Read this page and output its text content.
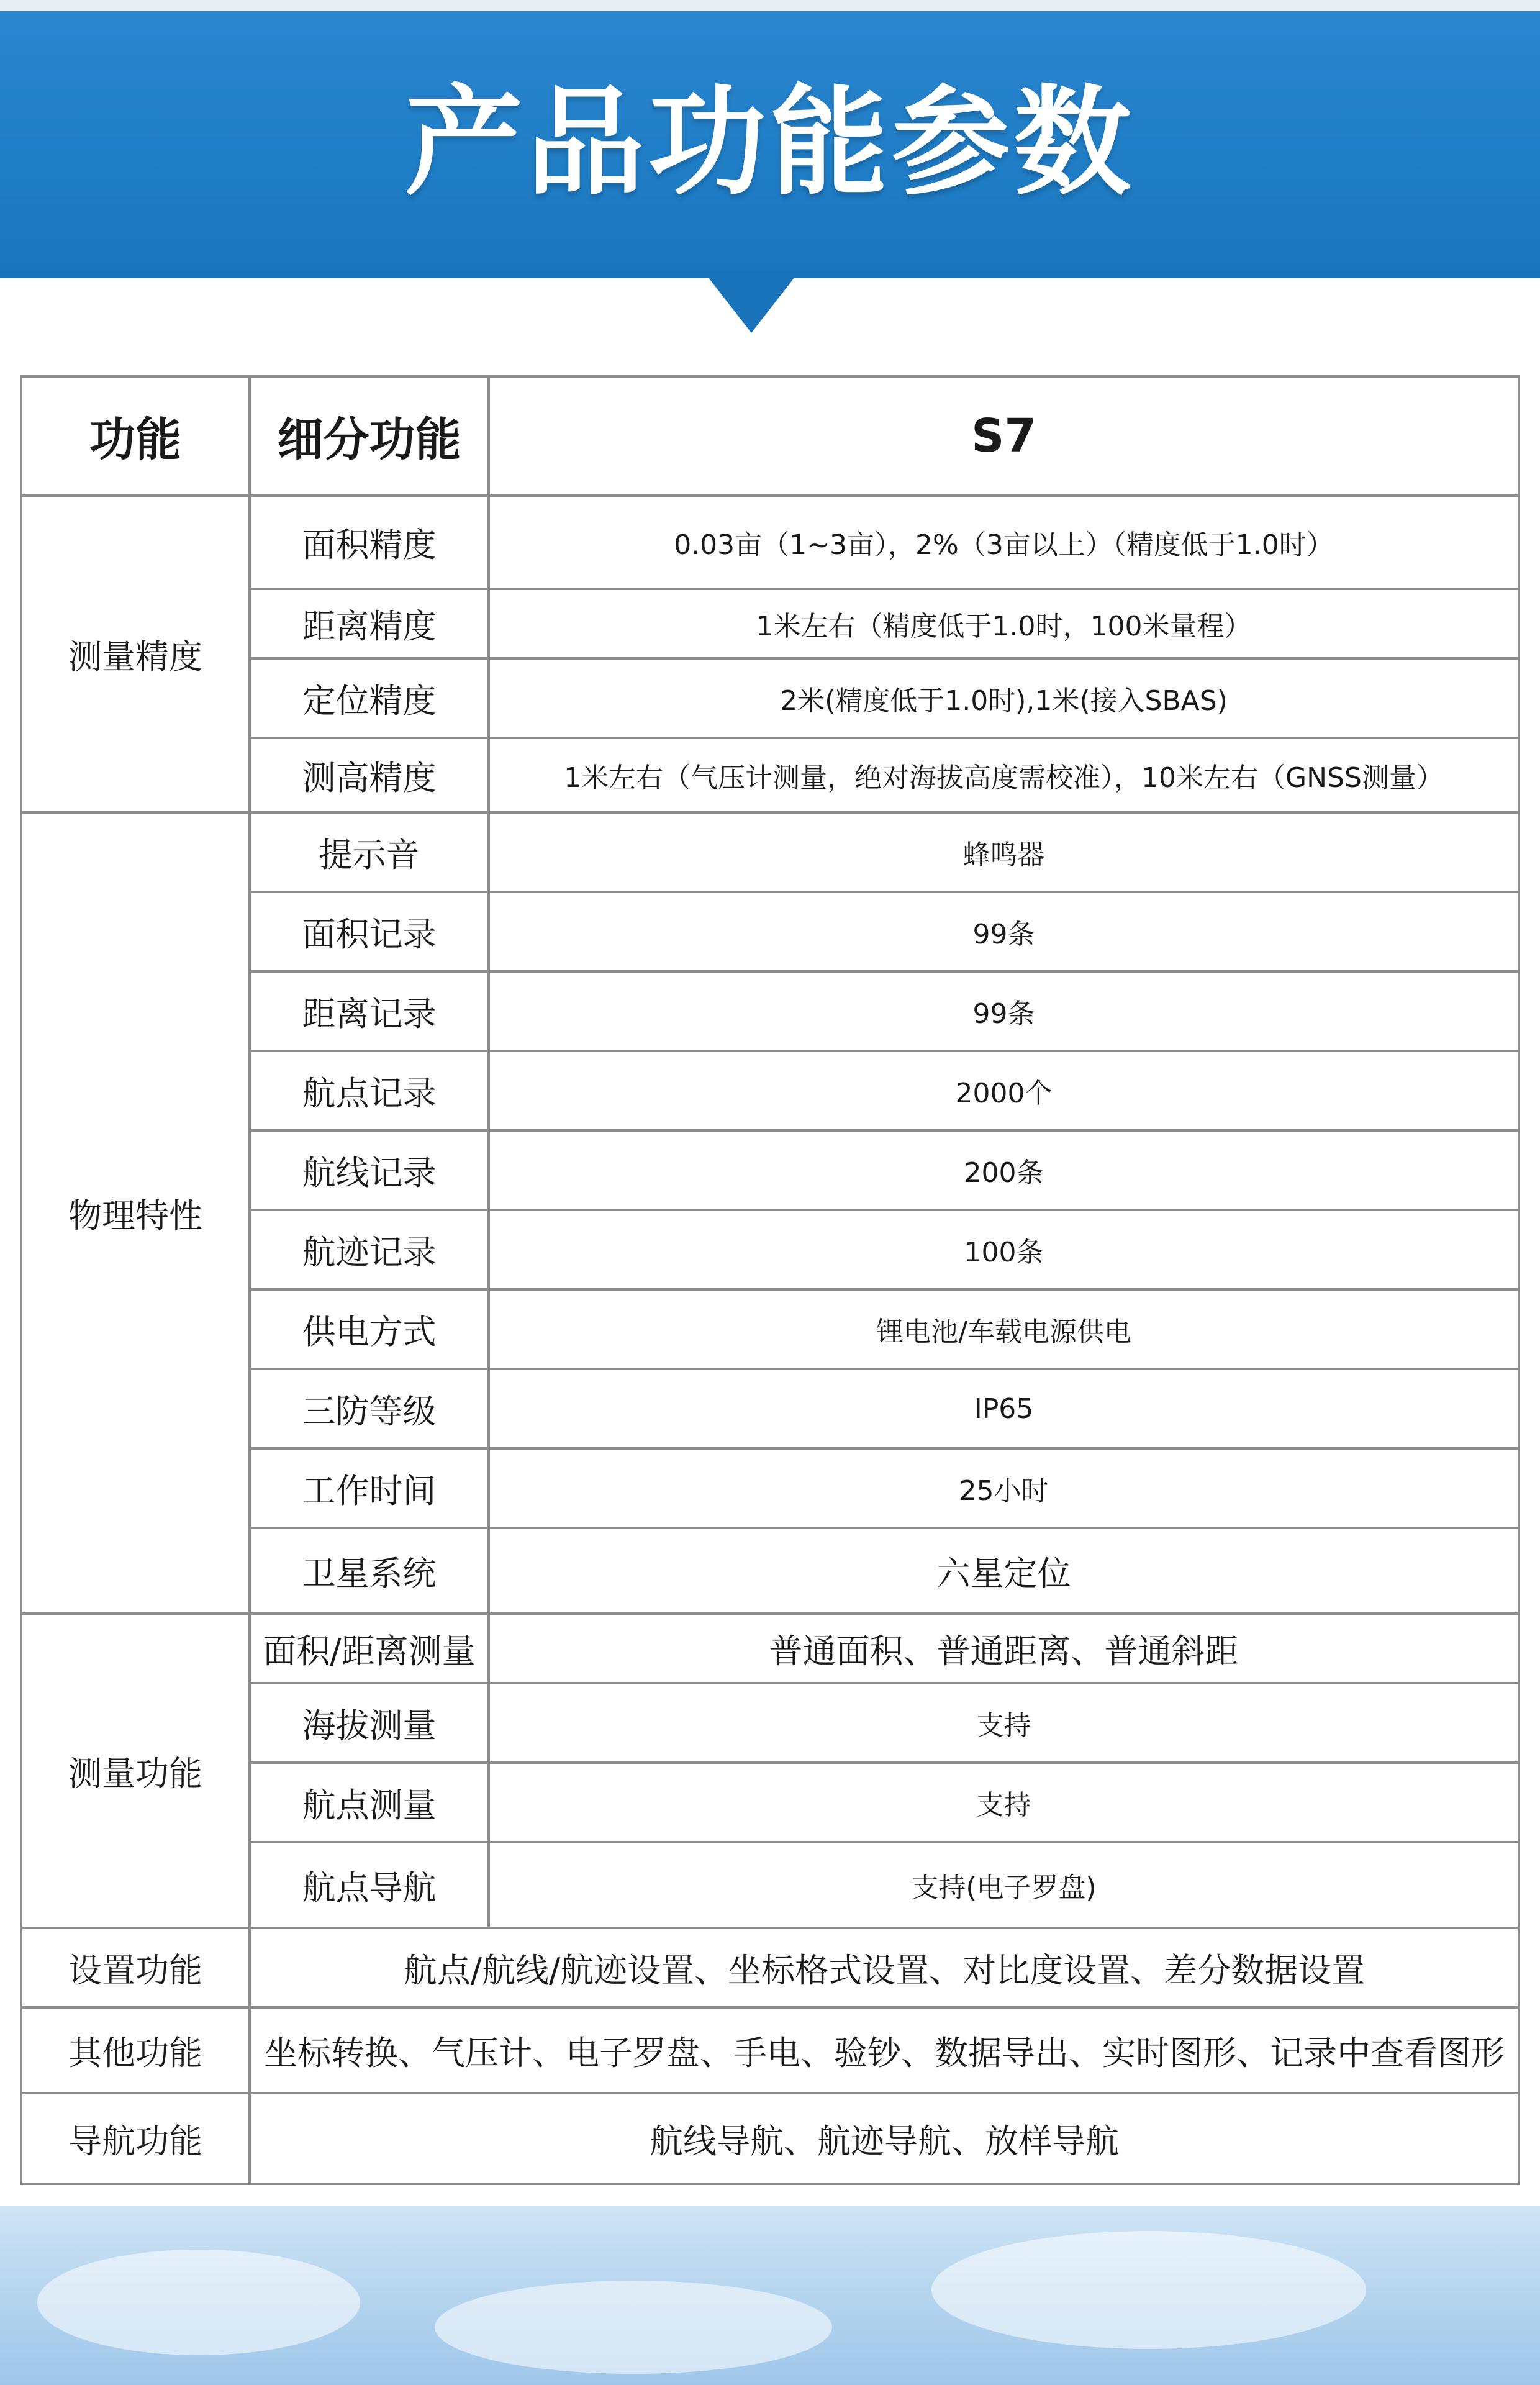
产品功能参数
功能	细分功能	S7
测量精度	面积精度	0.03亩（1~3亩），2%（3亩以上）（精度低于1.0时）
	距离精度	1米左右（精度低于1.0时，100米量程）
	定位精度	2米(精度低于1.0时),1米(接入SBAS)
	测高精度	1米左右（气压计测量，绝对海拔高度需校准），10米左右（GNSS测量）
物理特性	提示音	蜂鸣器
	面积记录	99条
	距离记录	99条
	航点记录	2000个
	航线记录	200条
	航迹记录	100条
	供电方式	锂电池/车载电源供电
	三防等级	IP65
	工作时间	25小时
	卫星系统	六星定位
测量功能	面积/距离测量	普通面积、普通距离、普通斜距
	海拔测量	支持
	航点测量	支持
	航点导航	支持(电子罗盘)
设置功能	航点/航线/航迹设置、坐标格式设置、对比度设置、差分数据设置	
其他功能	坐标转换、气压计、电子罗盘、手电、验钞、数据导出、实时图形、记录中查看图形	
导航功能	航线导航、航迹导航、放样导航	
